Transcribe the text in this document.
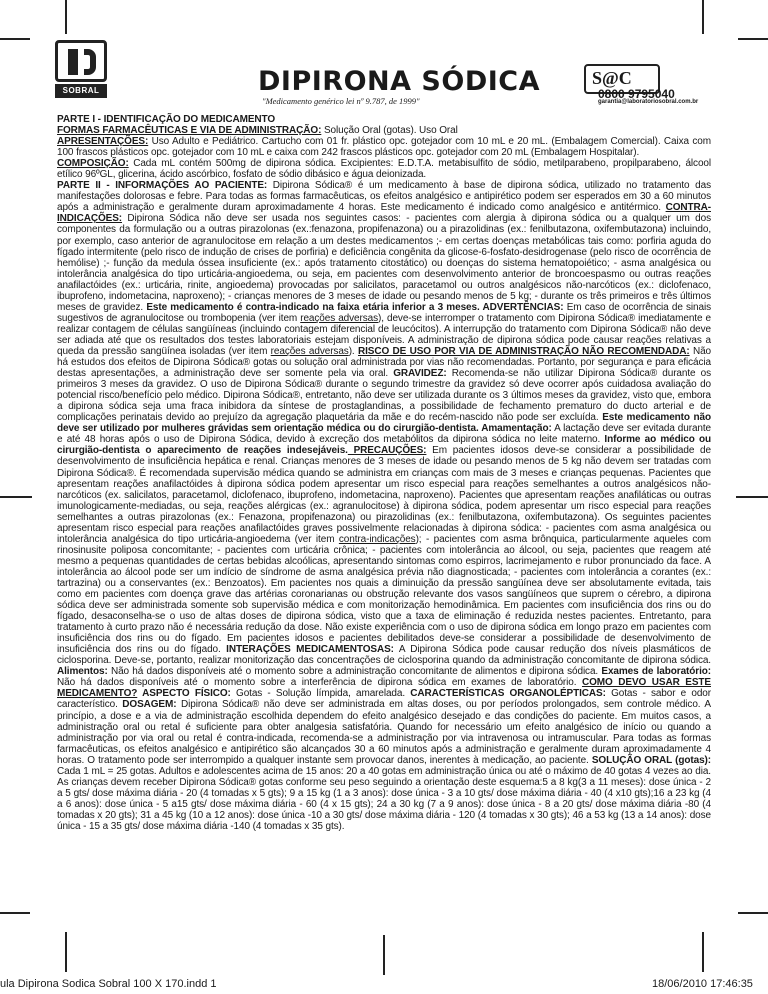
SOBRAL	DIPIRONA SÓDICA
"Medicamento genérico lei nº 9.787, de 1999"
S@C
0800 9795040
garantia@laboratoriosobral.com.br

PARTE I - IDENTIFICAÇÃO DO MEDICAMENTO

FORMAS FARMACÊUTICAS E VIA DE ADMINISTRAÇÃO: Solução Oral (gotas). Uso Oral

APRESENTAÇÕES: Uso Adulto e Pediátrico. Cartucho com 01 fr. plástico opc. gotejador com 10 mL e 20 mL. (Embalagem Comercial). Caixa com 100 frascos plásticos opc. gotejador com 10 mL e caixa com 242 frascos plásticos opc. gotejador com 20 mL (Embalagem Hospitalar).

COMPOSIÇÃO: Cada mL contém 500mg de dipirona sódica. Excipientes: E.D.T.A. metabisulfito de sódio, metilparabeno, propilparabeno, álcool etílico 96ºGL, glicerina, ácido ascórbico, fosfato de sódio dibásico e água deionizada.

PARTE II - INFORMAÇÕES AO PACIENTE: Dipirona Sódica® é um medicamento à base de dipirona sódica, utilizado no tratamento das manifestações dolorosas e febre. Para todas as formas farmacêuticas, os efeitos analgésico e antipirético podem ser esperados em 30 a 60 minutos após a administração e geralmente duram aproximadamente 4 horas. Este medicamento é indicado como analgésico e antitérmico. CONTRA-INDICAÇÕES: Dipirona Sódica não deve ser usada nos seguintes casos: - pacientes com alergia à dipirona sódica ou a qualquer um dos componentes da formulação ou a outras pirazolonas (ex.:fenazona, propifenazona) ou a pirazolidinas (ex.: fenilbutazona, oxifembutazona) incluindo, por exemplo, caso anterior de agranulocitose em relação a um destes medicamentos ;- em certas doenças metabólicas tais como: porfiria aguda do fígado intermitente (pelo risco de indução de crises de porfiria) e deficiência congênita da glicose-6-fosfato-desidrogenase (pelo risco de ocorrência de hemólise) ;- função da medula óssea insuficiente (ex.: após tratamento citostático) ou doenças do sistema hematopoiético; - asma analgésica ou intolerância analgésica do tipo urticária-angioedema, ou seja, em pacientes com desenvolvimento anterior de broncoespasmo ou outras reações anafilactóides (ex.: urticária, rinite, angioedema) provocadas por salicilatos, paracetamol ou outros analgésicos não-narcóticos (ex.: diclofenaco, ibuprofeno, indometacina, naproxeno); - crianças menores de 3 meses de idade ou pesando menos de 5 kg; - durante os três primeiros e três últimos meses de gravidez. Este medicamento é contra-indicado na faixa etária inferior a 3 meses. ADVERTÊNCIAS: Em caso de ocorrência de sinais sugestivos de agranulocitose ou trombopenia (ver item reações adversas), deve-se interromper o tratamento com Dipirona Sódica® imediatamente e realizar contagem de células sangüíneas (incluindo contagem diferencial de leucócitos). A interrupção do tratamento com Dipirona Sódica® não deve ser adiada até que os resultados dos testes laboratoriais estejam disponíveis. A administração de dipirona sódica pode causar reações relativas a queda da pressão sangüínea isoladas (ver item reações adversas). RISCO DE USO POR VIA DE ADMINISTRAÇÃO NÃO RECOMENDADA: Não há estudos dos efeitos de Dipirona Sódica® gotas ou solução oral administrada por vias não recomendadas. Portanto, por segurança e para eficácia destas apresentações, a administração deve ser somente pela via oral. GRAVIDEZ: Recomenda-se não utilizar Dipirona Sódica® durante os primeiros 3 meses da gravidez. O uso de Dipirona Sódica® durante o segundo trimestre da gravidez só deve ocorrer após cuidadosa avaliação do potencial risco/benefício pelo médico. Dipirona Sódica®, entretanto, não deve ser utilizada durante os 3 últimos meses da gravidez, visto que, embora a dipirona sódica seja uma fraca inibidora da síntese de prostaglandinas, a possibilidade de fechamento prematuro do ducto arterial e de complicações perinatais devido ao prejuízo da agregação plaquetária da mãe e do recém-nascido não pode ser excluída. Este medicamento não deve ser utilizado por mulheres grávidas sem orientação médica ou do cirurgião-dentista. Amamentação: A lactação deve ser evitada durante e até 48 horas após o uso de Dipirona Sódica, devido à excreção dos metabólitos da dipirona sódica no leite materno. Informe ao médico ou cirurgião-dentista o aparecimento de reações indesejáveis. PRECAUÇÕES: Em pacientes idosos deve-se considerar a possibilidade de desenvolvimento de insuficiência hepática e renal. Crianças menores de 3 meses de idade ou pesando menos de 5 kg não devem ser tratadas com Dipirona Sódica®. É recomendada supervisão médica quando se administra em crianças com mais de 3 meses e crianças pequenas. Pacientes que apresentam reações anafilactóides à dipirona sódica podem apresentar um risco especial para reações semelhantes a outros analgésicos não-narcóticos (ex. salicilatos, paracetamol, diclofenaco, ibuprofeno, indometacina, naproxeno). Pacientes que apresentam reações anafiláticas ou outras imunologicamente-mediadas, ou seja, reações alérgicas (ex.: agranulocitose) à dipirona sódica, podem apresentar um risco especial para reações semelhantes a outras pirazolonas (ex.: Fenazona, propifenazona) ou pirazolidinas (ex.: fenilbutazona, oxifembutazona). Os seguintes pacientes apresentam risco especial para reações anafilactóides graves possivelmente relacionadas à dipirona sódica: - pacientes com asma analgésica ou intolerância analgésica do tipo urticária-angioedema (ver item contra-indicações); - pacientes com asma brônquica, particularmente aqueles com rinosinusite poliposa concomitante; - pacientes com urticária crônica; - pacientes com intolerância ao álcool, ou seja, pacientes que reagem até mesmo a pequenas quantidades de certas bebidas alcoólicas, apresentando sintomas como espirros, lacrimejamento e rubor pronunciado da face. A intolerância ao álcool pode ser um indício de síndrome de asma analgésica prévia não diagnosticada; - pacientes com intolerância a corantes (ex.: tartrazina) ou a conservantes (ex.: Benzoatos). Em pacientes nos quais a diminuição da pressão sangüínea deve ser absolutamente evitada, tais como em pacientes com doença grave das artérias coronarianas ou obstrução relevante dos vasos sangüíneos que suprem o cérebro, a dipirona sódica deve ser administrada somente sob supervisão médica e com monitorização hemodinâmica. Em pacientes com insuficiência dos rins ou do fígado, desaconselha-se o uso de altas doses de dipirona sódica, visto que a taxa de eliminação é reduzida nestes pacientes. Entretanto, para tratamento à curto prazo não é necessária redução da dose. Não existe experiência com o uso de dipirona sódica em longo prazo em pacientes com insuficiência dos rins ou do fígado. Em pacientes idosos e pacientes debilitados deve-se considerar a possibilidade de desenvolvimento de insuficiência dos rins ou do fígado. INTERAÇÕES MEDICAMENTOSAS: A Dipirona Sódica pode causar redução dos níveis plasmáticos de ciclosporina. Deve-se, portanto, realizar monitorização das concentrações de ciclosporina quando da administração concomitante de dipirona sódica. Alimentos: Não há dados disponíveis até o momento sobre a administração concomitante de alimentos e dipirona sódica. Exames de laboratório: Não há dados disponíveis até o momento sobre a interferência de dipirona sódica em exames de laboratório. COMO DEVO USAR ESTE MEDICAMENTO? ASPECTO FÍSICO: Gotas - Solução límpida, amarelada. CARACTERÍSTICAS ORGANOLÉPTICAS: Gotas - sabor e odor característico. DOSAGEM: Dipirona Sódica® não deve ser administrada em altas doses, ou por períodos prolongados, sem controle médico. A princípio, a dose e a via de administração escolhida dependem do efeito analgésico desejado e das condições do paciente. Em muitos casos, a administração oral ou retal é suficiente para obter analgesia satisfatória. Quando for necessário um efeito analgésico de início ou quando a administração por via oral ou retal é contra-indicada, recomenda-se a administração por via intravenosa ou intramuscular. Para todas as formas farmacêuticas, os efeitos analgésico e antipirético são alcançados 30 a 60 minutos após a administração e geralmente duram aproximadamente 4 horas. O tratamento pode ser interrompido a qualquer instante sem provocar danos, inerentes à medicação, ao paciente. SOLUÇÃO ORAL (gotas): Cada 1 mL = 25 gotas. Adultos e adolescentes acima de 15 anos: 20 a 40 gotas em administração única ou até o máximo de 40 gotas 4 vezes ao dia. As crianças devem receber Dipirona Sódica® gotas conforme seu peso seguindo a orientação deste esquema:5 a 8 kg(3 a 11 meses): dose única - 2 a 5 gts/ dose máxima diária - 20 (4 tomadas x 5 gts); 9 a 15 kg (1 a 3 anos): dose única - 3 a 10 gts/ dose máxima diária - 40 (4 x10 gts);16 a 23 kg (4 a 6 anos): dose única - 5 a15 gts/ dose máxima diária - 60 (4 x 15 gts); 24 a 30 kg (7 a 9 anos): dose única - 8 a 20 gts/ dose máxima diária -80 (4 tomadas x 20 gts); 31 a 45 kg (10 a 12 anos): dose única -10 a 30 gts/ dose máxima diária - 120 (4 tomadas x 30 gts); 46 a 53 kg (13 a 14 anos): dose única - 15 a 35 gts/ dose máxima diária -140 (4 tomadas x 35 gts).

ula Dipirona Sodica Sobral 100 X 170.indd 1	18/06/2010 17:46:35
